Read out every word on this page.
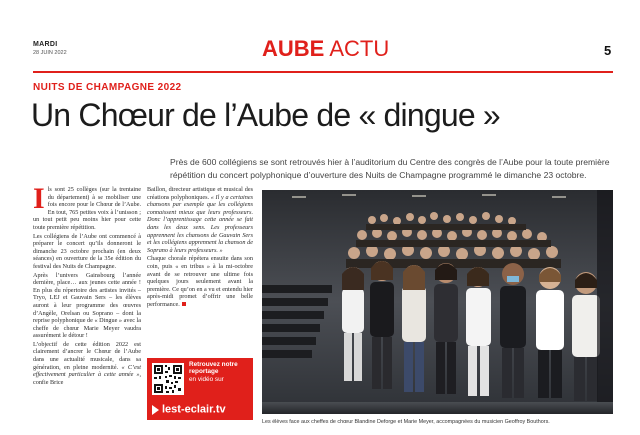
MARDI
28 JUIN 2022	AUBE ACTU	5
NUITS DE CHAMPAGNE 2022
Un Chœur de l’Aube de « dingue »

Près de 600 collégiens se sont retrouvés hier à l’auditorium du Centre des congrès de l’Aube pour la toute première répétition du concert polyphonique d’ouverture des Nuits de Champagne programmé le dimanche 23 octobre.

Ils sont 25 collèges (sur la trentaine du département) à se mobiliser une fois encore pour le Chœur de l’Aube. En tout, 765 petites voix à l’unisson ; un tout petit peu moins hier pour cette toute première répétition.

Les collégiens de l’Aube ont commencé à préparer le concert qu’ils donneront le dimanche 23 octobre prochain (en deux séances) en ouverture de la 35e édition du festival des Nuits de Champagne.

Après l’univers Gainsbourg l’année dernière, place… aux jeunes cette année ! En plus du répertoire des artistes invités – Tryo, LEJ et Gauvain Sers – les élèves auront à leur programme des œuvres d’Angèle, Orelsan ou Soprano – dont la reprise polyphonique de « Dingue » avec la cheffe de chœur Marie Meyer vaudra assurément le détour !

L’objectif de cette édition 2022 est clairement d’ancrer le Chœur de l’Aube dans une actualité musicale, dans sa génération, en pleine modernité. « C’est effectivement particulier à cette année », confie Brice

Baillon, directeur artistique et musical des créations polyphoniques. « Il y a certaines chansons par exemple que les collégiens connaissent mieux que leurs professeurs. Donc l’apprentissage cette année se fait dans les deux sens. Les professeurs apprennent les chansons de Gauvain Sers et les collégiens apprennent la chanson de Soprano à leurs professeurs. »

Chaque chorale répétera ensuite dans son coin, puis « en tribus » à la mi-octobre avant de se retrouver une ultime fois quelques jours seulement avant la première. Ce qu’on en a vu et entendu hier après-midi promet d’offrir une belle performance.

Retrouvez notre reportage
en vidéo sur
lest-eclair.tv
Les élèves face aux cheffes de chœur Blandine Deforge et Marie Meyer, accompagnées du musicien Geoffroy Bouthors.
